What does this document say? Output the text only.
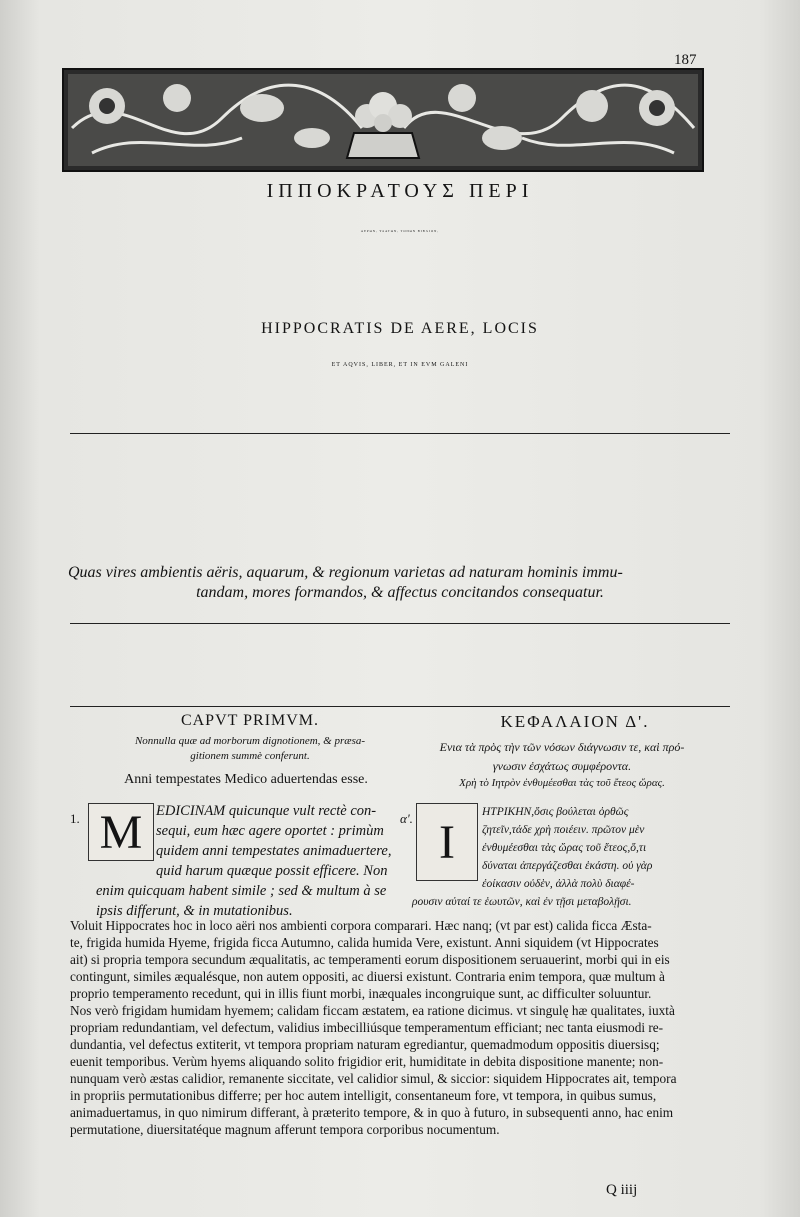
187
ΙΠΠΟΚΡΑΤΟΥΣ ΠΕΡΙ
ΑΕΡΩΝ, ΥΔΑΤΩΝ, ΤΟΠΩΝ ΒΙΒΛΙΟΝ,
HIPPOCRATIS DE AERE, LOCIS
ET AQVIS, LIBER, ET IN EVM GALENI
Quas vires ambientis aëris, aquarum, & regionum varietas ad naturam hominis immu-
tandam, mores formandos, & affectus concitandos consequatur.
CAPVT PRIMVM.
Nonnulla quæ ad morborum dignotionem, & præsa-
gitionem summè conferunt.
Anni tempestates Medico aduertendas esse.
ΚΕΦΑΛΑΙΟΝ Δ'.
Ενια τὰ πρὸς τὴν τῶν νόσων διάγνωσιν τε, καὶ πρό-
γνωσιν ἐσχάτως συμφέροντα.
Χρὴ τὸ Ιητρὸν ἐνθυμέεσθαι τὰς τοῦ ἔτεος ὥρας.
1.	α'.
M	I
EDICINAM quicunque vult rectè con-
sequi, eum hæc agere oportet : primùm
quidem anni tempestates animaduertere,
quid harum quæque possit efficere. Non
enim quicquam habent simile ; sed & multum à se
ipsis differunt, & in mutationibus.
ΗΤΡΙΚΗΝ,ὅσις βούλεται ὀρθῶς
ζητεῖν,τάδε χρὴ ποιέειν. πρῶτον μὲν
ἐνθυμέεσθαι τὰς ὥρας τοῦ ἔτεος,ὅ,τι
δύναται ἀπεργάζεσθαι ἑκάστη. οὐ γὰρ
ἐοίκασιν οὐδὲν, ἀλλὰ πολὺ διαφέ-
ρουσιν αὐταί τε ἑωυτῶν, καὶ ἐν τῇσι μεταβολῇσι.
Voluit Hippocrates hoc in loco aëri nos ambienti corpora comparari. Hæc nanq; (vt par est) calida ficca Æsta-
te, frigida humida Hyeme, frigida ficca Autumno, calida humida Vere, existunt. Anni siquidem (vt Hippocrates
ait) si propria tempora secundum æqualitatis, ac temperamenti eorum dispositionem seruauerint, morbi qui in eis
contingunt, similes æqualésque, non autem oppositi, ac diuersi existunt. Contraria enim tempora, quæ multum à
proprio temperamento recedunt, qui in illis fiunt morbi, inæquales incongruique sunt, ac difficulter soluuntur.
Nos verò frigidam humidam hyemem; calidam ficcam æstatem, ea ratione dicimus. vt singulę hæ qualitates, iuxtà
propriam redundantiam, vel defectum, validius imbecilliúsque temperamentum efficiant; nec tanta eiusmodi re-
dundantia, vel defectus extiterit, vt tempora propriam naturam egrediantur, quemadmodum oppositis diuersisq;
euenit temporibus. Verùm hyems aliquando solito frigidior erit, humiditate in debita dispositione manente; non-
nunquam verò æstas calidior, remanente siccitate, vel calidior simul, & siccior: siquidem Hippocrates ait, tempora
in propriis permutationibus differre; per hoc autem intelligit, consentaneum fore, vt tempora, in quibus sumus,
animaduertamus, in quo nimirum differant, à præterito tempore, & in quo à futuro, in subsequenti anno, hac enim
permutatione, diuersitatéque magnum afferunt tempora corporibus nocumentum.
Q iiij
